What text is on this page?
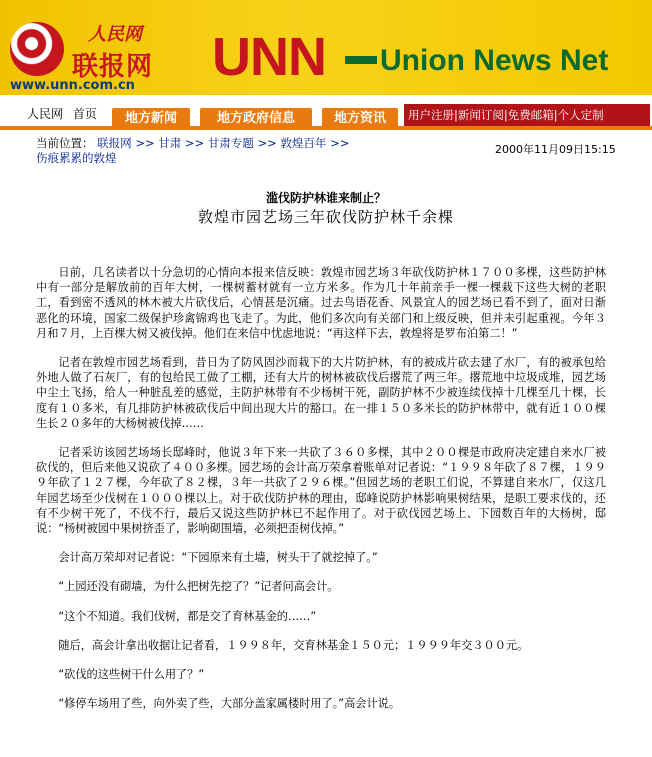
人民网
联报网
www.unn.com.cn UNN Union News Net
人民网 首页	地方新闻	地方政府信息	地方资讯	用户注册|新闻订阅|免费邮箱|个人定制
当前位置： 联报网 >> 甘肃 >> 甘肃专题 >> 敦煌百年 >>
伤痕累累的敦煌
2000年11月09日15:15
滥伐防护林谁来制止？
敦煌市园艺场三年砍伐防护林千余棵

日前，几名读者以十分急切的心情向本报来信反映：敦煌市园艺场３年砍伐防护林１７００多棵，这些防护林中有一部分是解放前的百年大树，一棵树蓄材就有一立方米多。作为几十年前亲手一棵一棵栽下这些大树的老职工，看到密不透风的林木被大片砍伐后，心情甚是沉痛。过去鸟语花香、风景宜人的园艺场已看不到了，面对日渐恶化的环境，国家二级保护珍禽锦鸡也飞走了。为此，他们多次向有关部门和上级反映，但并未引起重视。今年３月和７月，上百棵大树又被伐掉。他们在来信中忧虑地说：“再这样下去，敦煌将是罗布泊第二！”

记者在敦煌市园艺场看到，昔日为了防风固沙而栽下的大片防护林，有的被成片砍去建了水厂，有的被承包给外地人做了石灰厂，有的包给民工做了工棚，还有大片的树林被砍伐后撂荒了两三年。撂荒地中垃圾成堆，园艺场中尘土飞扬，给人一种脏乱差的感觉，主防护林带有不少杨树干死，副防护林不少被连续伐掉十几棵至几十棵，长度有１０多米，有几排防护林被砍伐后中间出现大片的豁口。在一排１５０多米长的防护林带中，就有近１００棵生长２０多年的大杨树被伐掉……

记者采访该园艺场场长邸峰时，他说３年下来一共砍了３６０多棵，其中２００棵是市政府决定建自来水厂被砍伐的，但后来他又说砍了４００多棵。园艺场的会计高万荣拿着账单对记者说：“１９９８年砍了８７棵，１９９９年砍了１２７棵，今年砍了８２棵，３年一共砍了２９６棵。”但园艺场的老职工们说，不算建自来水厂，仅这几年园艺场至少伐树在１０００棵以上。对于砍伐防护林的理由，邸峰说防护林影响果树结果，是职工要求伐的，还有不少树干死了，不伐不行，最后又说这些防护林已不起作用了。对于砍伐园艺场上、下园数百年的大杨树，邸说：“杨树被园中果树挤歪了，影响砌围墙，必须把歪树伐掉。”

会计高万荣却对记者说：“下园原来有土墙，树头干了就挖掉了。”

“上园还没有砌墙，为什么把树先挖了？”记者问高会计。

“这个不知道。我们伐树，都是交了育林基金的……”

随后，高会计拿出收据让记者看，１９９８年，交育林基金１５０元；１９９９年交３００元。

“砍伐的这些树干什么用了？”

“修停车场用了些，向外卖了些，大部分盖家属楼时用了。”高会计说。
